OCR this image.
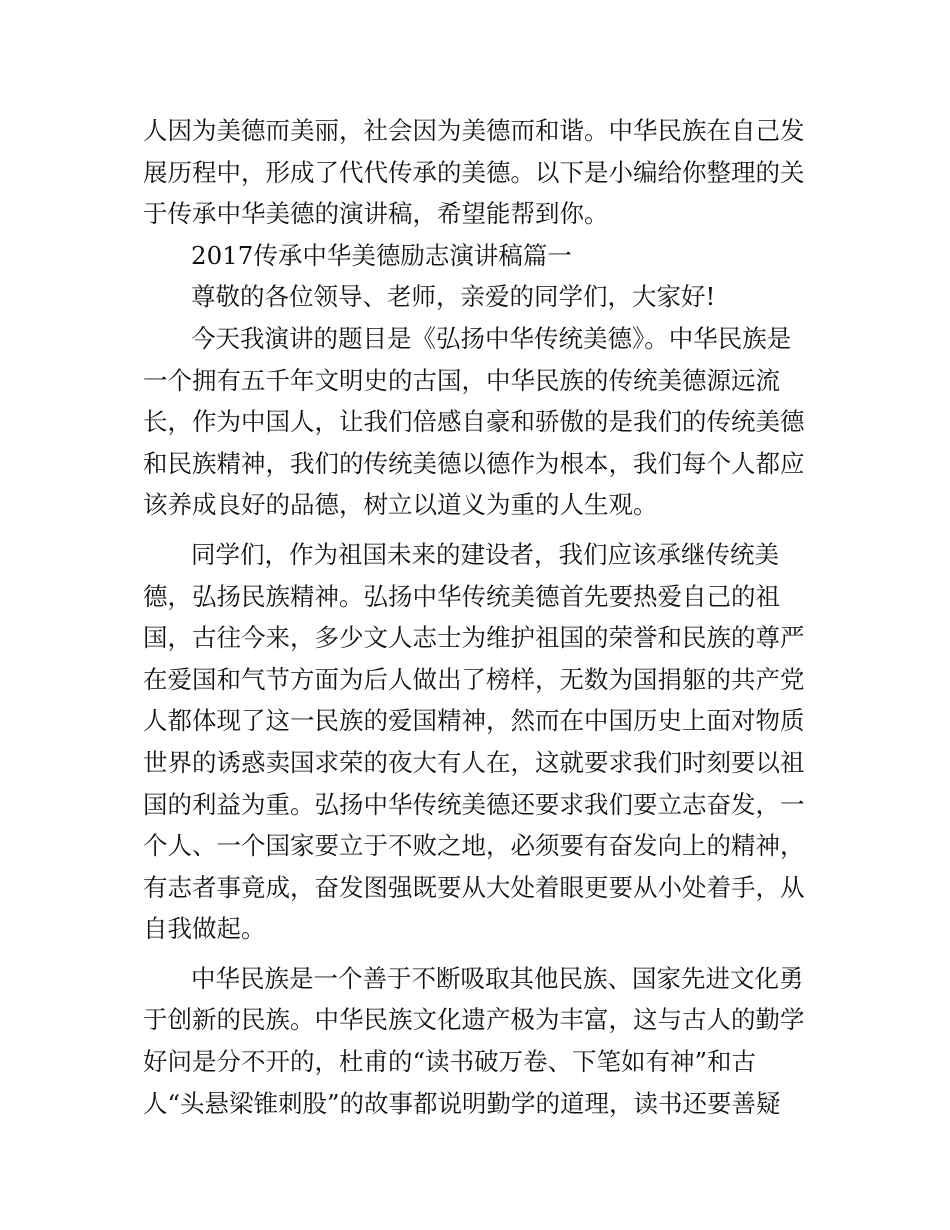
人因为美德而美丽，社会因为美德而和谐。中华民族在自己发
展历程中，形成了代代传承的美德。以下是小编给你整理的关
于传承中华美德的演讲稿，希望能帮到你。
2017传承中华美德励志演讲稿篇一
尊敬的各位领导、老师，亲爱的同学们，大家好!
今天我演讲的题目是《弘扬中华传统美德》。中华民族是
一个拥有五千年文明史的古国，中华民族的传统美德源远流
长，作为中国人，让我们倍感自豪和骄傲的是我们的传统美德
和民族精神，我们的传统美德以德作为根本，我们每个人都应
该养成良好的品德，树立以道义为重的人生观。
同学们，作为祖国未来的建设者，我们应该承继传统美
德，弘扬民族精神。弘扬中华传统美德首先要热爱自己的祖
国，古往今来，多少文人志士为维护祖国的荣誉和民族的尊严
在爱国和气节方面为后人做出了榜样，无数为国捐躯的共产党
人都体现了这一民族的爱国精神，然而在中国历史上面对物质
世界的诱惑卖国求荣的夜大有人在，这就要求我们时刻要以祖
国的利益为重。弘扬中华传统美德还要求我们要立志奋发，一
个人、一个国家要立于不败之地，必须要有奋发向上的精神，
有志者事竟成，奋发图强既要从大处着眼更要从小处着手，从
自我做起。
中华民族是一个善于不断吸取其他民族、国家先进文化勇
于创新的民族。中华民族文化遗产极为丰富，这与古人的勤学
好问是分不开的，杜甫的“读书破万卷、下笔如有神”和古
人“头悬梁锥刺股”的故事都说明勤学的道理，读书还要善疑
